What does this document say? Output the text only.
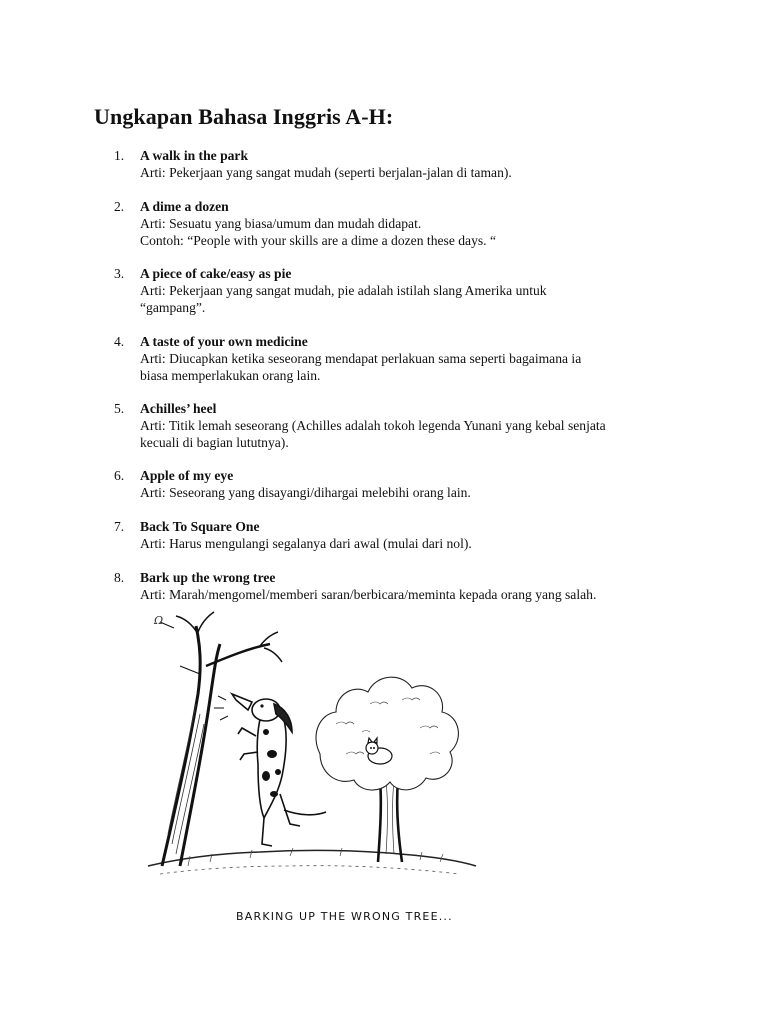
Ungkapan Bahasa Inggris A-H:
1.	A walk in the park
Arti: Pekerjaan yang sangat mudah (seperti berjalan-jalan di taman).
2.	A dime a dozen
Arti: Sesuatu yang biasa/umum dan mudah didapat.
Contoh: “People with your skills are a dime a dozen these days. “
3.	A piece of cake/easy as pie
Arti: Pekerjaan yang sangat mudah, pie adalah istilah slang Amerika untuk
“gampang”.
4.	A taste of your own medicine
Arti: Diucapkan ketika seseorang mendapat perlakuan sama seperti bagaimana ia
biasa memperlakukan orang lain.
5.	Achilles’ heel
Arti: Titik lemah seseorang (Achilles adalah tokoh legenda Yunani yang kebal senjata
kecuali di bagian lututnya).
6.	Apple of my eye
Arti: Seseorang yang disayangi/dihargai melebihi orang lain.
7.	Back To Square One
Arti: Harus mengulangi segalanya dari awal (mulai dari nol).
8.	Bark up the wrong tree
Arti: Marah/mengomel/memberi saran/berbicara/meminta kepada orang yang salah.
BARKING UP THE WRONG TREE...
Ω
